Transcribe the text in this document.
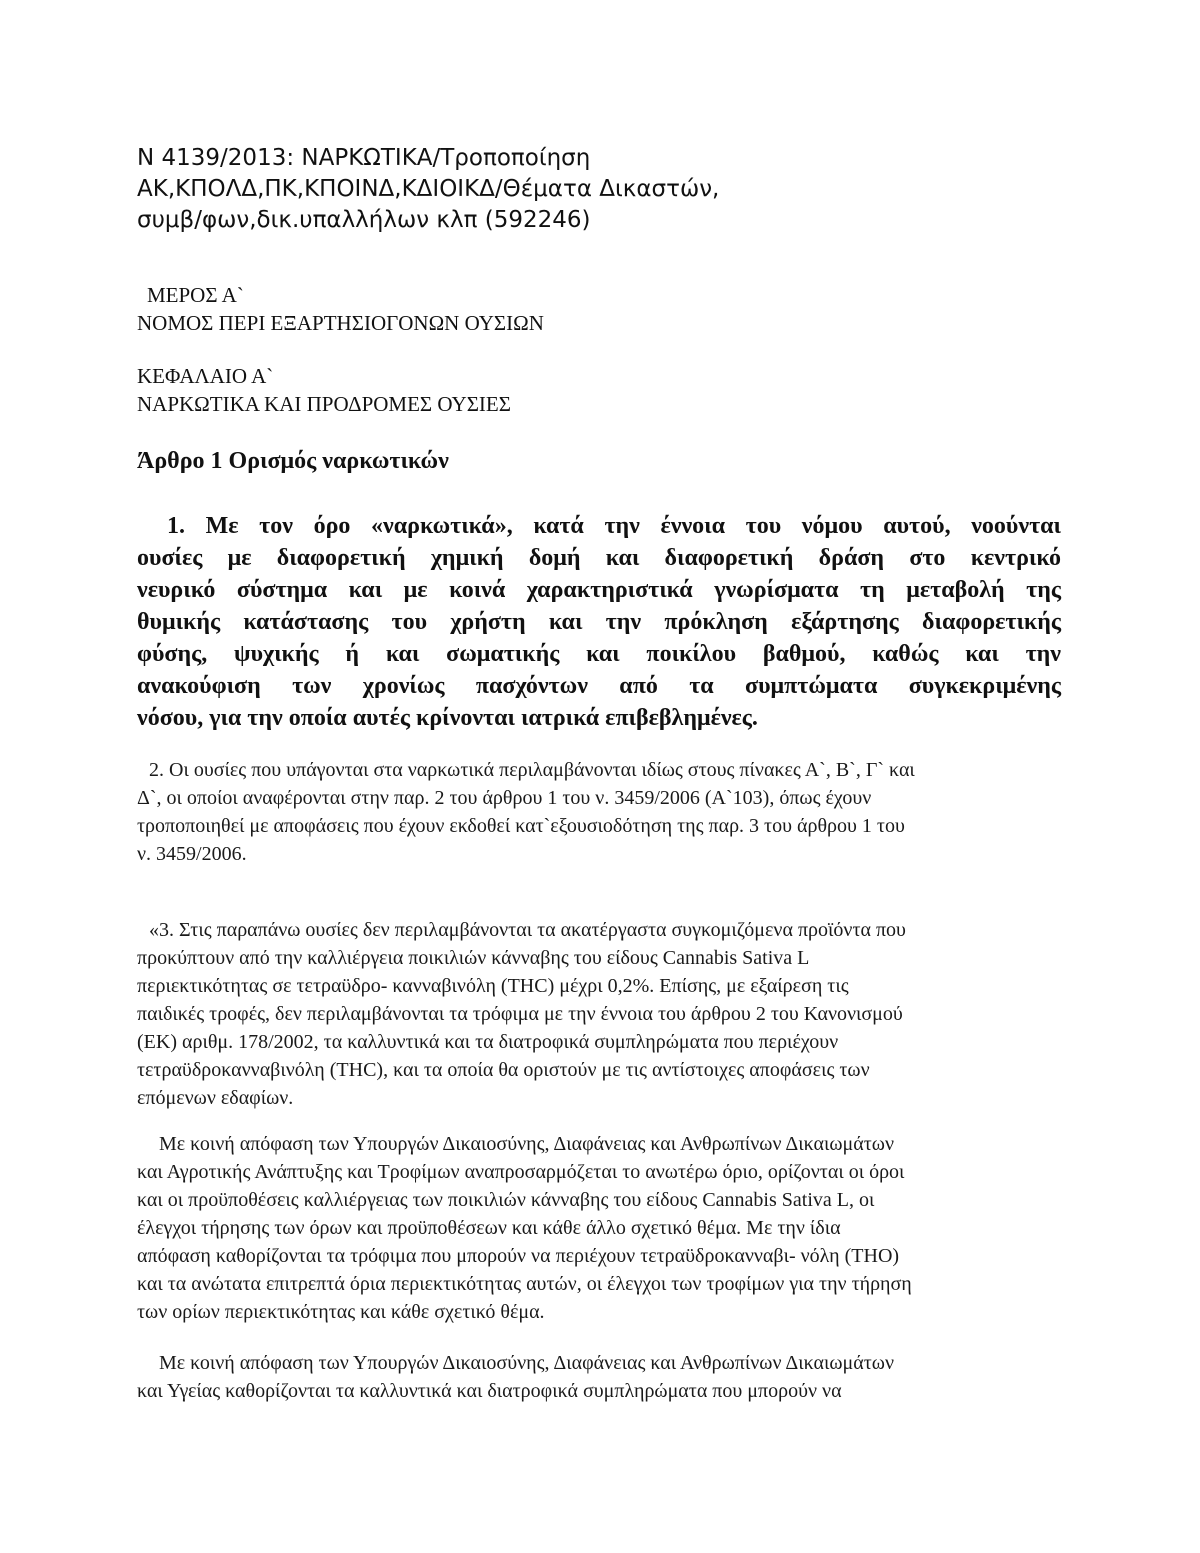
Ν 4139/2013: ΝΑΡΚΩΤΙΚΑ/Τροποποίηση
ΑΚ,ΚΠΟΛΔ,ΠΚ,ΚΠΟΙΝΔ,ΚΔΙΟΙΚΔ/Θέματα Δικαστών,
συμβ/φων,δικ.υπαλλήλων κλπ (592246)
ΜΕΡΟΣ Α`
ΝΟΜΟΣ ΠΕΡΙ ΕΞΑΡΤΗΣΙΟΓΟΝΩΝ ΟΥΣΙΩΝ
ΚΕΦΑΛΑΙΟ Α`
ΝΑΡΚΩΤΙΚΑ ΚΑΙ ΠΡΟΔΡΟΜΕΣ ΟΥΣΙΕΣ
Άρθρο 1 Ορισμός ναρκωτικών
1. Με τον όρο «ναρκωτικά», κατά την έννοια του νόμου αυτού, νοούνται
ουσίες με διαφορετική χημική δομή και διαφορετική δράση στο κεντρικό
νευρικό σύστημα και με κοινά χαρακτηριστικά γνωρίσματα τη μεταβολή της
θυμικής κατάστασης του χρήστη και την πρόκληση εξάρτησης διαφορετικής
φύσης, ψυχικής ή και σωματικής και ποικίλου βαθμού, καθώς και την
ανακούφιση των χρονίως πασχόντων από τα συμπτώματα συγκεκριμένης
νόσου, για την οποία αυτές κρίνονται ιατρικά επιβεβλημένες.
2. Οι ουσίες που υπάγονται στα ναρκωτικά περιλαμβάνονται ιδίως στους πίνακες Α`, Β`, Γ` και
Δ`, οι οποίοι αναφέρονται στην παρ. 2 του άρθρου 1 του ν. 3459/2006 (Α`103), όπως έχουν
τροποποιηθεί με αποφάσεις που έχουν εκδοθεί κατ`εξουσιοδότηση της παρ. 3 του άρθρου 1 του
ν. 3459/2006.
«3. Στις παραπάνω ουσίες δεν περιλαμβάνονται τα ακατέργαστα συγκομιζόμενα προϊόντα που
προκύπτουν από την καλλιέργεια ποικιλιών κάνναβης του είδους Cannabis Sativa L
περιεκτικότητας σε τετραϋδρο- κανναβινόλη (THC) μέχρι 0,2%. Επίσης, με εξαίρεση τις
παιδικές τροφές, δεν περιλαμβάνονται τα τρόφιμα με την έννοια του άρθρου 2 του Κανονισμού
(ΕΚ) αριθμ. 178/2002, τα καλλυντικά και τα διατροφικά συμπληρώματα που περιέχουν
τετραϋδροκανναβινόλη (THC), και τα οποία θα οριστούν με τις αντίστοιχες αποφάσεις των
επόμενων εδαφίων.
Με κοινή απόφαση των Υπουργών Δικαιοσύνης, Διαφάνειας και Ανθρωπίνων Δικαιωμάτων
και Αγροτικής Ανάπτυξης και Τροφίμων αναπροσαρμόζεται το ανωτέρω όριο, ορίζονται οι όροι
και οι προϋποθέσεις καλλιέργειας των ποικιλιών κάνναβης του είδους Cannabis Sativa L, οι
έλεγχοι τήρησης των όρων και προϋποθέσεων και κάθε άλλο σχετικό θέμα. Με την ίδια
απόφαση καθορίζονται τα τρόφιμα που μπορούν να περιέχουν τετραϋδροκανναβι- νόλη (THO)
και τα ανώτατα επιτρεπτά όρια περιεκτικότητας αυτών, οι έλεγχοι των τροφίμων για την τήρηση
των ορίων περιεκτικότητας και κάθε σχετικό θέμα.
Με κοινή απόφαση των Υπουργών Δικαιοσύνης, Διαφάνειας και Ανθρωπίνων Δικαιωμάτων
και Υγείας καθορίζονται τα καλλυντικά και διατροφικά συμπληρώματα που μπορούν να
